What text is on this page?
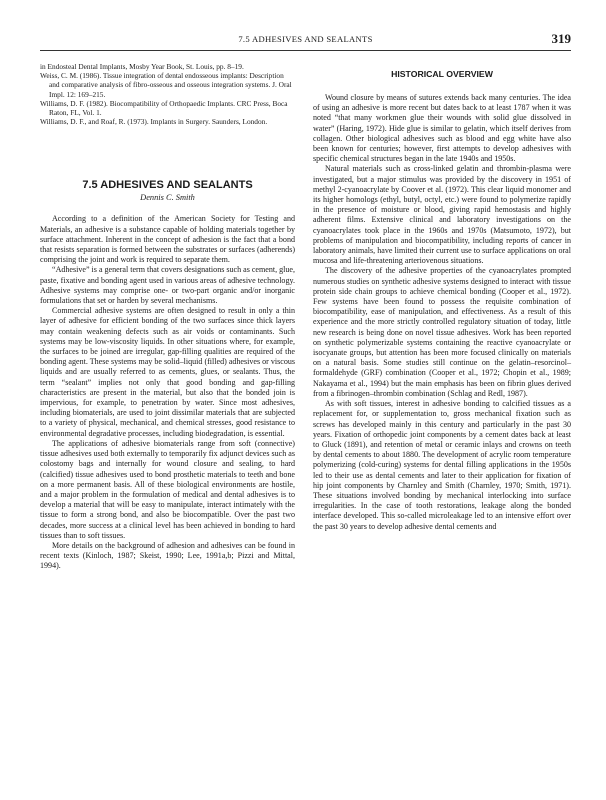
7.5 ADHESIVES AND SEALANTS	319

in Endosteal Dental Implants, Mosby Year Book, St. Louis, pp. 8–19.

Weiss, C. M. (1986). Tissue integration of dental endosseous implants: Description and comparative analysis of fibro-osseous and osseous integration systems. J. Oral Impl. 12: 169–215.

Williams, D. F. (1982). Biocompatibility of Orthopaedic Implants. CRC Press, Boca Raton, FL, Vol. 1.

Williams, D. F., and Roaf, R. (1973). Implants in Surgery. Saunders, London.

7.5 ADHESIVES AND SEALANTS
Dennis C. Smith

According to a definition of the American Society for Testing and Materials, an adhesive is a substance capable of holding materials together by surface attachment. Inherent in the concept of adhesion is the fact that a bond that resists separation is formed between the substrates or surfaces (adherends) comprising the joint and work is required to separate them.

“Adhesive” is a general term that covers designations such as cement, glue, paste, fixative and bonding agent used in various areas of adhesive technology. Adhesive systems may comprise one- or two-part organic and/or inorganic formulations that set or harden by several mechanisms.

Commercial adhesive systems are often designed to result in only a thin layer of adhesive for efficient bonding of the two surfaces since thick layers may contain weakening defects such as air voids or contaminants. Such systems may be low-viscosity liquids. In other situations where, for example, the surfaces to be joined are irregular, gap-filling qualities are required of the bonding agent. These systems may be solid–liquid (filled) adhesives or viscous liquids and are usually referred to as cements, glues, or sealants. Thus, the term “sealant” implies not only that good bonding and gap-filling characteristics are present in the material, but also that the bonded join is impervious, for example, to penetration by water. Since most adhesives, including biomaterials, are used to joint dissimilar materials that are subjected to a variety of physical, mechanical, and chemical stresses, good resistance to environmental degradative processes, including biodegradation, is essential.

The applications of adhesive biomaterials range from soft (connective) tissue adhesives used both externally to temporarily fix adjunct devices such as colostomy bags and internally for wound closure and sealing, to hard (calcified) tissue adhesives used to bond prosthetic materials to teeth and bone on a more permanent basis. All of these biological environments are hostile, and a major problem in the formulation of medical and dental adhesives is to develop a material that will be easy to manipulate, interact intimately with the tissue to form a strong bond, and also be biocompatible. Over the past two decades, more success at a clinical level has been achieved in bonding to hard tissues than to soft tissues.

More details on the background of adhesion and adhesives can be found in recent texts (Kinloch, 1987; Skeist, 1990; Lee, 1991a,b; Pizzi and Mittal, 1994).

HISTORICAL OVERVIEW

Wound closure by means of sutures extends back many centuries. The idea of using an adhesive is more recent but dates back to at least 1787 when it was noted “that many workmen glue their wounds with solid glue dissolved in water” (Haring, 1972). Hide glue is similar to gelatin, which itself derives from collagen. Other biological adhesives such as blood and egg white have also been known for centuries; however, first attempts to develop adhesives with specific chemical structures began in the late 1940s and 1950s.

Natural materials such as cross-linked gelatin and thrombin-plasma were investigated, but a major stimulus was provided by the discovery in 1951 of methyl 2-cyanoacrylate by Coover et al. (1972). This clear liquid monomer and its higher homologs (ethyl, butyl, octyl, etc.) were found to polymerize rapidly in the presence of moisture or blood, giving rapid hemostasis and highly adherent films. Extensive clinical and laboratory investigations on the cyanoacrylates took place in the 1960s and 1970s (Matsumoto, 1972), but problems of manipulation and biocompatibility, including reports of cancer in laboratory animals, have limited their current use to surface applications on oral mucosa and life-threatening arteriovenous situations.

The discovery of the adhesive properties of the cyanoacrylates prompted numerous studies on synthetic adhesive systems designed to interact with tissue protein side chain groups to achieve chemical bonding (Cooper et al., 1972). Few systems have been found to possess the requisite combination of biocompatibility, ease of manipulation, and effectiveness. As a result of this experience and the more strictly controlled regulatory situation of today, little new research is being done on novel tissue adhesives. Work has been reported on synthetic polymerizable systems containing the reactive cyanoacrylate or isocyanate groups, but attention has been more focused clinically on materials on a natural basis. Some studies still continue on the gelatin–resorcinol–formaldehyde (GRF) combination (Cooper et al., 1972; Chopin et al., 1989; Nakayama et al., 1994) but the main emphasis has been on fibrin glues derived from a fibrinogen–thrombin combination (Schlag and Redl, 1987).

As with soft tissues, interest in adhesive bonding to calcified tissues as a replacement for, or supplementation to, gross mechanical fixation such as screws has developed mainly in this century and particularly in the past 30 years. Fixation of orthopedic joint components by a cement dates back at least to Gluck (1891), and retention of metal or ceramic inlays and crowns on teeth by dental cements to about 1880. The development of acrylic room temperature polymerizing (cold-curing) systems for dental filling applications in the 1950s led to their use as dental cements and later to their application for fixation of hip joint components by Charnley and Smith (Charnley, 1970; Smith, 1971). These situations involved bonding by mechanical interlocking into surface irregularities. In the case of tooth restorations, leakage along the bonded interface developed. This so-called microleakage led to an intensive effort over the past 30 years to develop adhesive dental cements and
